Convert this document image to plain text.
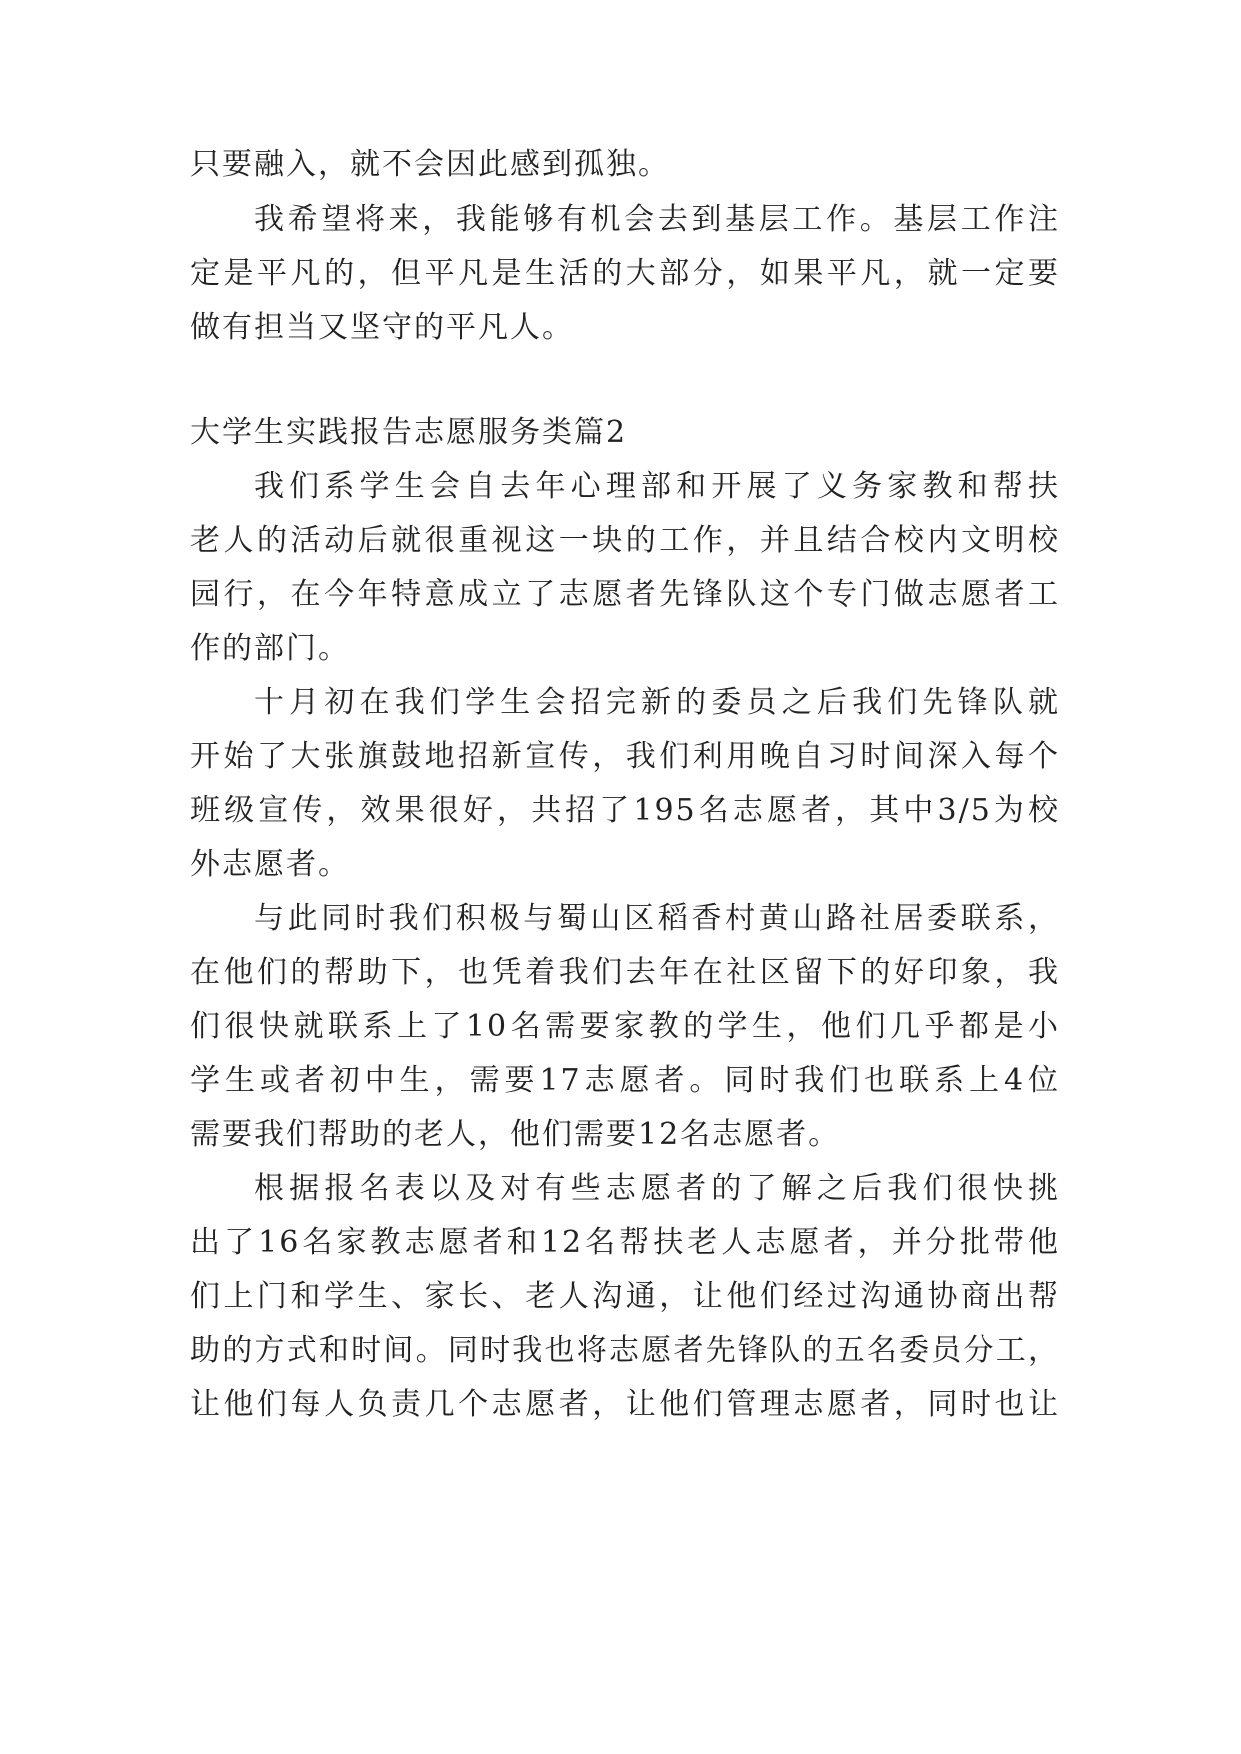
只要融入，就不会因此感到孤独。
我希望将来，我能够有机会去到基层工作。基层工作注
定是平凡的，但平凡是生活的大部分，如果平凡，就一定要
做有担当又坚守的平凡人。
大学生实践报告志愿服务类篇2
我们系学生会自去年心理部和开展了义务家教和帮扶
老人的活动后就很重视这一块的工作，并且结合校内文明校
园行，在今年特意成立了志愿者先锋队这个专门做志愿者工
作的部门。
十月初在我们学生会招完新的委员之后我们先锋队就
开始了大张旗鼓地招新宣传，我们利用晚自习时间深入每个
班级宣传，效果很好，共招了195名志愿者，其中3/5为校
外志愿者。
与此同时我们积极与蜀山区稻香村黄山路社居委联系，
在他们的帮助下，也凭着我们去年在社区留下的好印象，我
们很快就联系上了10名需要家教的学生，他们几乎都是小
学生或者初中生，需要17志愿者。同时我们也联系上4位
需要我们帮助的老人，他们需要12名志愿者。
根据报名表以及对有些志愿者的了解之后我们很快挑
出了16名家教志愿者和12名帮扶老人志愿者，并分批带他
们上门和学生、家长、老人沟通，让他们经过沟通协商出帮
助的方式和时间。同时我也将志愿者先锋队的五名委员分工，
让他们每人负责几个志愿者，让他们管理志愿者，同时也让
